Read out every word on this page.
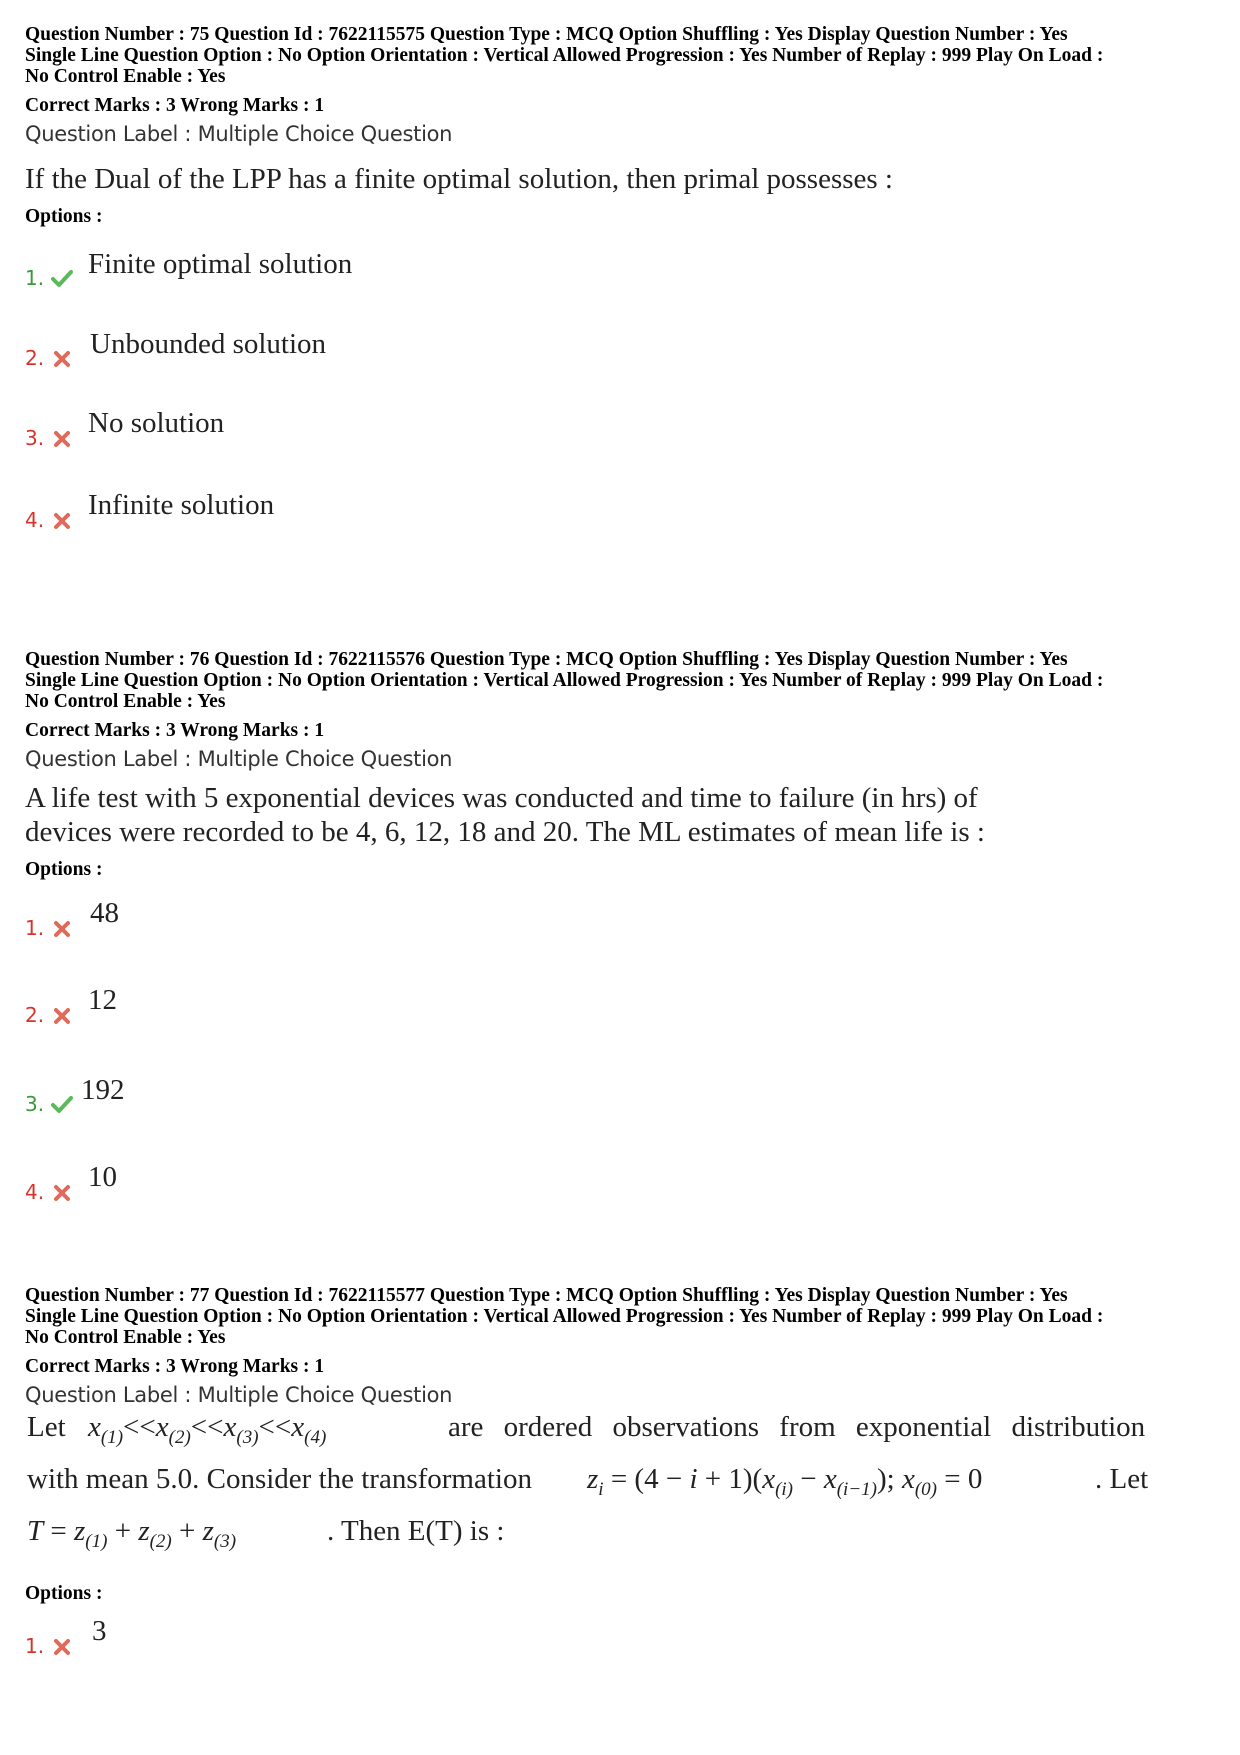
Question Number : 75 Question Id : 7622115575 Question Type : MCQ Option Shuffling : Yes Display Question Number : Yes
Single Line Question Option : No Option Orientation : Vertical Allowed Progression : Yes Number of Replay : 999 Play On Load :
No Control Enable : Yes
Correct Marks : 3 Wrong Marks : 1
Question Label : Multiple Choice Question
If the Dual of the LPP has a finite optimal solution, then primal possesses :
Options :
1. Finite optimal solution
2. Unbounded solution
3. No solution
4. Infinite solution
Question Number : 76 Question Id : 7622115576 Question Type : MCQ Option Shuffling : Yes Display Question Number : Yes
Single Line Question Option : No Option Orientation : Vertical Allowed Progression : Yes Number of Replay : 999 Play On Load :
No Control Enable : Yes
Correct Marks : 3 Wrong Marks : 1
Question Label : Multiple Choice Question
A life test with 5 exponential devices was conducted and time to failure (in hrs) of
devices were recorded to be 4, 6, 12, 18 and 20. The ML estimates of mean life is :
Options :
1. 48
2. 12
3. 192
4. 10
Question Number : 77 Question Id : 7622115577 Question Type : MCQ Option Shuffling : Yes Display Question Number : Yes
Single Line Question Option : No Option Orientation : Vertical Allowed Progression : Yes Number of Replay : 999 Play On Load :
No Control Enable : Yes
Correct Marks : 3 Wrong Marks : 1
Question Label : Multiple Choice Question
Let $x_{(1)}<<x_{(2)}<<x_{(3)}<<x_{(4)}$	are ordered observations from exponential distribution
with mean 5.0. Consider the transformation $z_i = (4 - i + 1)(x_{(i)} - x_{(i-1)})$; $x_{(0)} = 0$	. Let
$T = z_{(1)} + z_{(2)} + z_{(3)}$	. Then E(T) is :
Options :
1. 3
